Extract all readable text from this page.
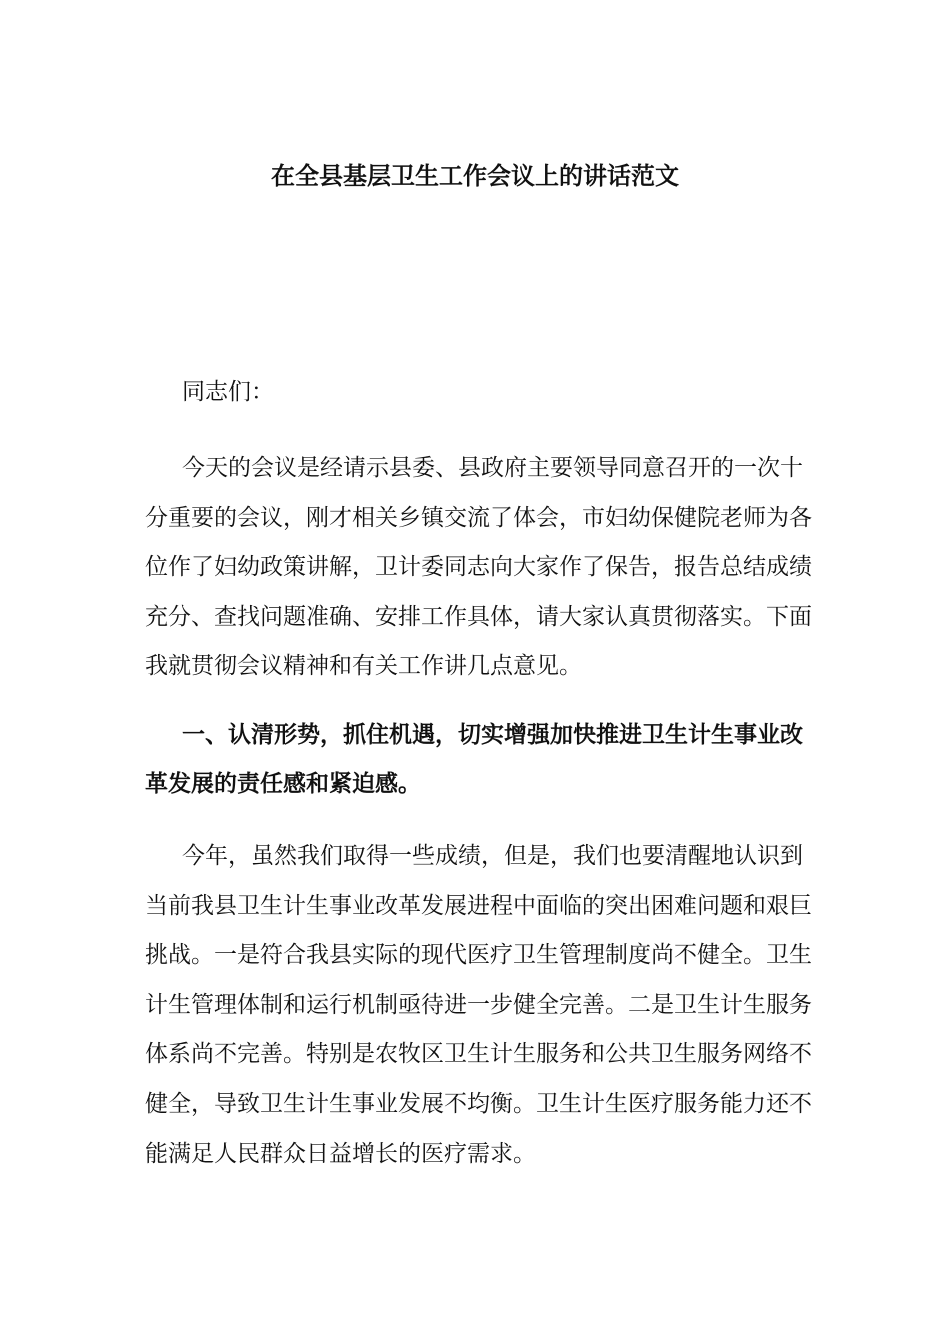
在全县基层卫生工作会议上的讲话范文

同志们：

今天的会议是经请示县委、县政府主要领导同意召开的一次十分重要的会议，刚才相关乡镇交流了体会，市妇幼保健院老师为各位作了妇幼政策讲解，卫计委同志向大家作了保告，报告总结成绩充分、查找问题准确、安排工作具体，请大家认真贯彻落实。下面我就贯彻会议精神和有关工作讲几点意见。

一、认清形势，抓住机遇，切实增强加快推进卫生计生事业改革发展的责任感和紧迫感。

今年，虽然我们取得一些成绩，但是，我们也要清醒地认识到当前我县卫生计生事业改革发展进程中面临的突出困难问题和艰巨挑战。一是符合我县实际的现代医疗卫生管理制度尚不健全。卫生计生管理体制和运行机制亟待进一步健全完善。二是卫生计生服务体系尚不完善。特别是农牧区卫生计生服务和公共卫生服务网络不健全，导致卫生计生事业发展不均衡。卫生计生医疗服务能力还不能满足人民群众日益增长的医疗需求。
